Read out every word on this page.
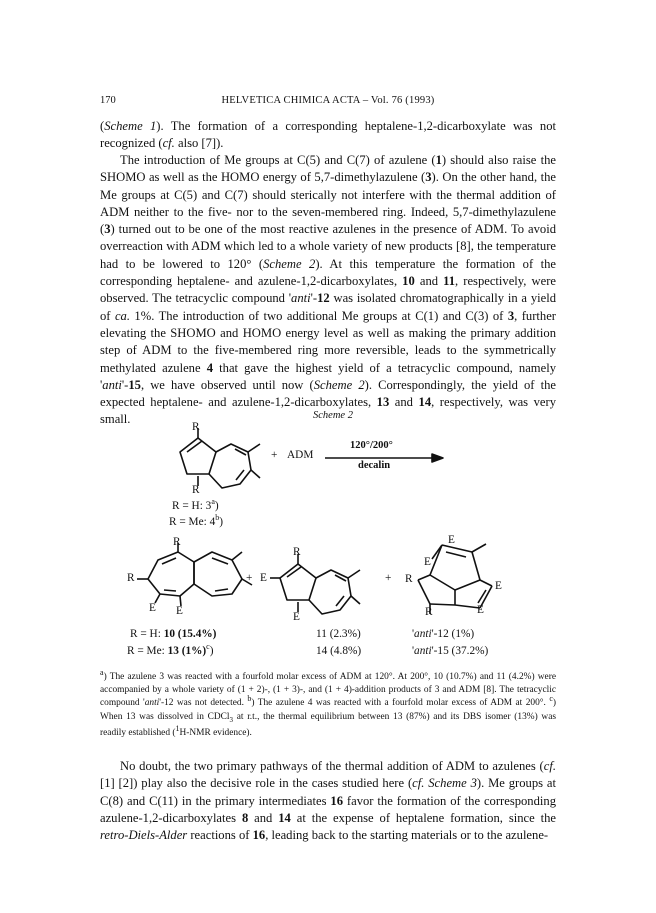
170	HELVETICA CHIMICA ACTA – Vol. 76 (1993)

(Scheme 1). The formation of a corresponding heptalene-1,2-dicarboxylate was not recognized (cf. also [7]).

The introduction of Me groups at C(5) and C(7) of azulene (1) should also raise the SHOMO as well as the HOMO energy of 5,7-dimethylazulene (3). On the other hand, the Me groups at C(5) and C(7) should sterically not interfere with the thermal addition of ADM neither to the five- nor to the seven-membered ring. Indeed, 5,7-dimethylazulene (3) turned out to be one of the most reactive azulenes in the presence of ADM. To avoid overreaction with ADM which led to a whole variety of new products [8], the temperature had to be lowered to 120° (Scheme 2). At this temperature the formation of the corresponding heptalene- and azulene-1,2-dicarboxylates, 10 and 11, respectively, were observed. The tetracyclic compound 'anti'-12 was isolated chromatographically in a yield of ca. 1%. The introduction of two additional Me groups at C(1) and C(3) of 3, further elevating the SHOMO and HOMO energy level as well as making the primary addition step of ADM to the five-membered ring more reversible, leads to the symmetrically methylated azulene 4 that gave the highest yield of a tetracyclic compound, namely 'anti'-15, we have observed until now (Scheme 2). Correspondingly, the yield of the expected heptalene- and azulene-1,2-dicarboxylates, 13 and 14, respectively, was very small.	Scheme 2
R
R
+ ADM
120°/200°
decalin
R = H: 3$^a$)
R = Me: 4$^b$)
R
R
E E
+
R
E
E
+
E
E
R
E
R	E
R = H: 10 (15.4%)
R = Me: 13 $(1\%)^c$)
11 (2.3%)
14 (4.8%)
'anti'-12 (1%)
'anti'-15 (37.2%)

a) The azulene 3 was reacted with a fourfold molar excess of ADM at 120°. At 200°, 10 (10.7%) and 11 (4.2%) were accompanied by a whole variety of (1 + 2)-, (1 + 3)-, and (1 + 4)-addition products of 3 and ADM [8]. The tetracyclic compound 'anti'-12 was not detected. b) The azulene 4 was reacted with a fourfold molar excess of ADM at 200°. c) When 13 was dissolved in CDCl$_3$ at r.t., the thermal equilibrium between 13 (87%) and its DBS isomer (13%) was readily established (1H-NMR evidence).

No doubt, the two primary pathways of the thermal addition of ADM to azulenes (cf. [1] [2]) play also the decisive role in the cases studied here (cf. Scheme 3). Me groups at C(8) and C(11) in the primary intermediates 16 favor the formation of the corresponding azulene-1,2-dicarboxylates 8 and 14 at the expense of heptalene formation, since the retro-Diels-Alder reactions of 16, leading back to the starting materials or to the azulene-
